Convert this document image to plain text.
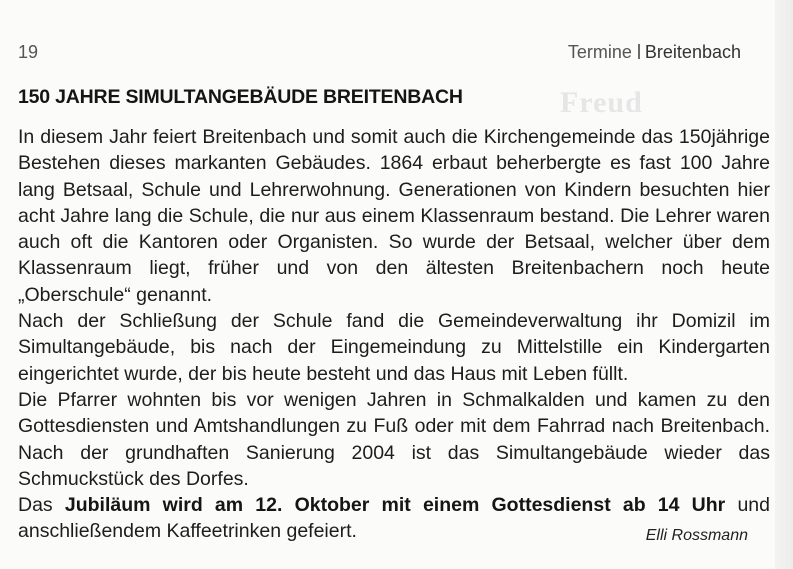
Freud
19	Termine Breitenbach
150 JAHRE SIMULTANGEBÄUDE BREITENBACH

In diesem Jahr feiert Breitenbach und somit auch die Kirchengemeinde das 150jährige Bestehen dieses markanten Gebäudes. 1864 erbaut beherbergte es fast 100 Jahre lang Betsaal, Schule und Lehrerwohnung. Generationen von Kindern besuchten hier acht Jahre lang die Schule, die nur aus einem Klassenraum bestand. Die Lehrer waren auch oft die Kantoren oder Organisten. So wurde der Betsaal, welcher über dem Klassenraum liegt, früher und von den ältesten Breitenbachern noch heute „Oberschule“ genannt.

Nach der Schließung der Schule fand die Gemeindeverwaltung ihr Domizil im Simultangebäude, bis nach der Eingemeindung zu Mittelstille ein Kindergarten eingerichtet wurde, der bis heute besteht und das Haus mit Leben füllt.

Die Pfarrer wohnten bis vor wenigen Jahren in Schmalkalden und kamen zu den Gottesdiensten und Amtshandlungen zu Fuß oder mit dem Fahrrad nach Breitenbach. Nach der grundhaften Sanierung 2004 ist das Simultangebäude wieder das Schmuckstück des Dorfes.

Das Jubiläum wird am 12. Oktober mit einem Gottesdienst ab 14 Uhr und anschließendem Kaffeetrinken gefeiert.	Elli Rossmann
